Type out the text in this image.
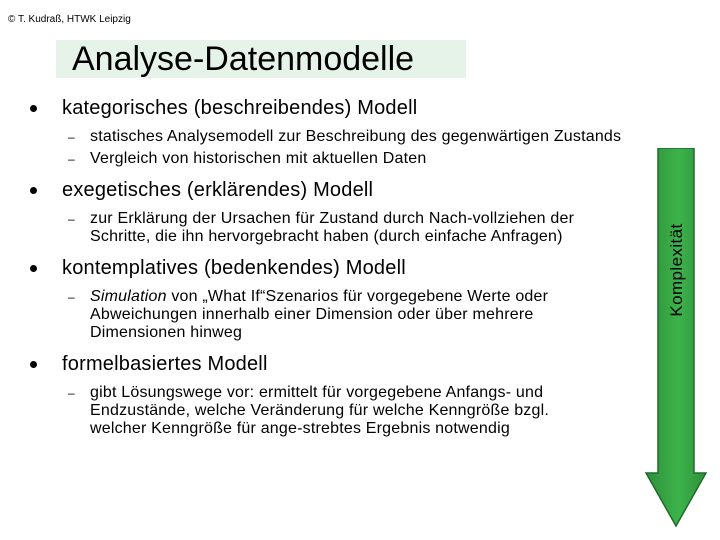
© T. Kudraß, HTWK Leipzig
Analyse-Datenmodelle
kategorisches (beschreibendes) Modell
– statisches Analysemodell zur Beschreibung des gegenwärtigen Zustands
– Vergleich von historischen mit aktuellen Daten
exegetisches (erklärendes) Modell
– zur Erklärung der Ursachen für Zustand durch Nach-vollziehen der Schritte, die ihn hervorgebracht haben (durch einfache Anfragen)
kontemplatives (bedenkendes) Modell
– Simulation von „What If“Szenarios für vorgegebene Werte oder Abweichungen innerhalb einer Dimension oder über mehrere Dimensionen hinweg
formelbasiertes Modell
– gibt Lösungswege vor: ermittelt für vorgegebene Anfangs- und Endzustände, welche Veränderung für welche Kenngröße bzgl. welcher Kenngröße für ange-strebtes Ergebnis notwendig
Komplexität
